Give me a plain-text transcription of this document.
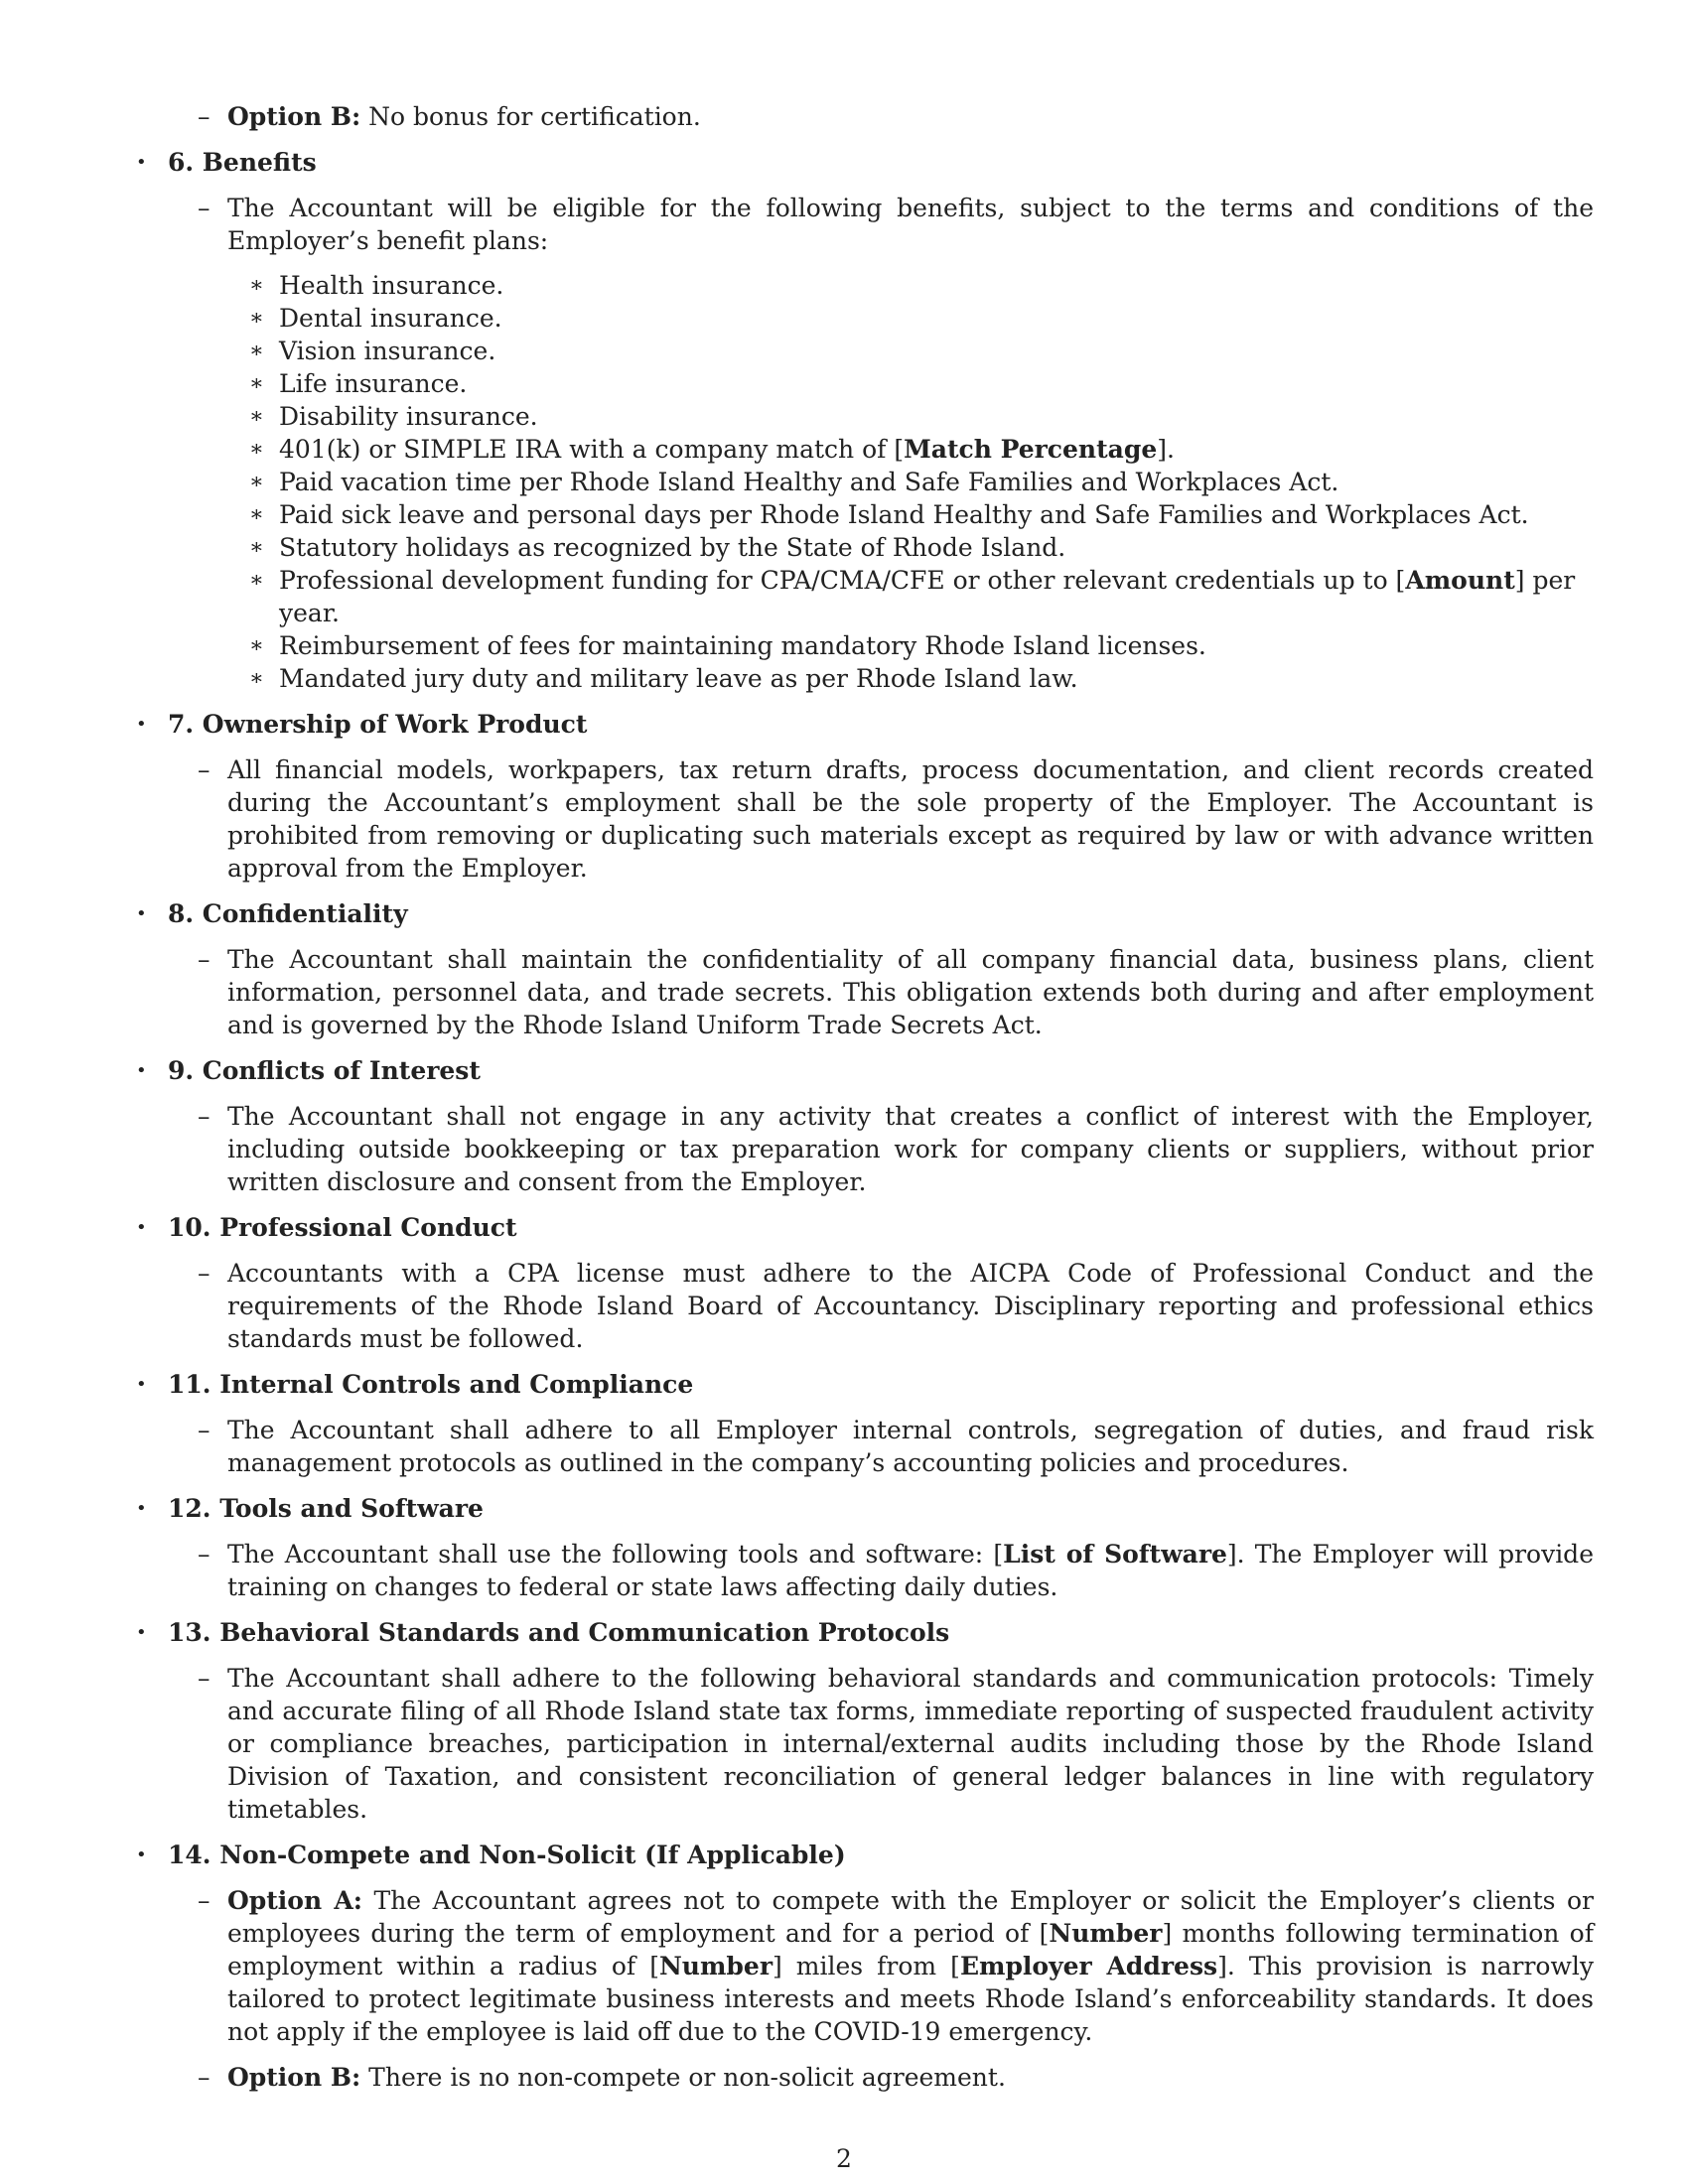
– Option B: No bonus for certification.
• 6. Benefits
– The Accountant will be eligible for the following benefits, subject to the terms and conditions of the Employer’s benefit plans:
∗ Health insurance.
∗ Dental insurance.
∗ Vision insurance.
∗ Life insurance.
∗ Disability insurance.
∗ 401(k) or SIMPLE IRA with a company match of [Match Percentage].
∗ Paid vacation time per Rhode Island Healthy and Safe Families and Workplaces Act.
∗ Paid sick leave and personal days per Rhode Island Healthy and Safe Families and Workplaces Act.
∗ Statutory holidays as recognized by the State of Rhode Island.
∗ Professional development funding for CPA/CMA/CFE or other relevant credentials up to [Amount] per year.
∗ Reimbursement of fees for maintaining mandatory Rhode Island licenses.
∗ Mandated jury duty and military leave as per Rhode Island law.
• 7. Ownership of Work Product
– All financial models, workpapers, tax return drafts, process documentation, and client records created during the Accountant’s employment shall be the sole property of the Employer. The Accountant is prohibited from removing or duplicating such materials except as required by law or with advance written approval from the Employer.
• 8. Confidentiality
– The Accountant shall maintain the confidentiality of all company financial data, business plans, client information, personnel data, and trade secrets. This obligation extends both during and after employment and is governed by the Rhode Island Uniform Trade Secrets Act.
• 9. Conflicts of Interest
– The Accountant shall not engage in any activity that creates a conflict of interest with the Employer, including outside bookkeeping or tax preparation work for company clients or suppliers, without prior written disclosure and consent from the Employer.
• 10. Professional Conduct
– Accountants with a CPA license must adhere to the AICPA Code of Professional Conduct and the requirements of the Rhode Island Board of Accountancy. Disciplinary reporting and professional ethics standards must be followed.
• 11. Internal Controls and Compliance
– The Accountant shall adhere to all Employer internal controls, segregation of duties, and fraud risk management protocols as outlined in the company’s accounting policies and procedures.
• 12. Tools and Software
– The Accountant shall use the following tools and software: [List of Software]. The Employer will provide training on changes to federal or state laws affecting daily duties.
• 13. Behavioral Standards and Communication Protocols
– The Accountant shall adhere to the following behavioral standards and communication protocols: Timely and accurate filing of all Rhode Island state tax forms, immediate reporting of suspected fraudulent activity or compliance breaches, participation in internal/external audits including those by the Rhode Island Division of Taxation, and consistent reconciliation of general ledger balances in line with regulatory timetables.
• 14. Non-Compete and Non-Solicit (If Applicable)
– Option A: The Accountant agrees not to compete with the Employer or solicit the Employer’s clients or employees during the term of employment and for a period of [Number] months following termination of employment within a radius of [Number] miles from [Employer Address]. This provision is narrowly tailored to protect legitimate business interests and meets Rhode Island’s enforceability standards. It does not apply if the employee is laid off due to the COVID-19 emergency.
– Option B: There is no non-compete or non-solicit agreement.
2
